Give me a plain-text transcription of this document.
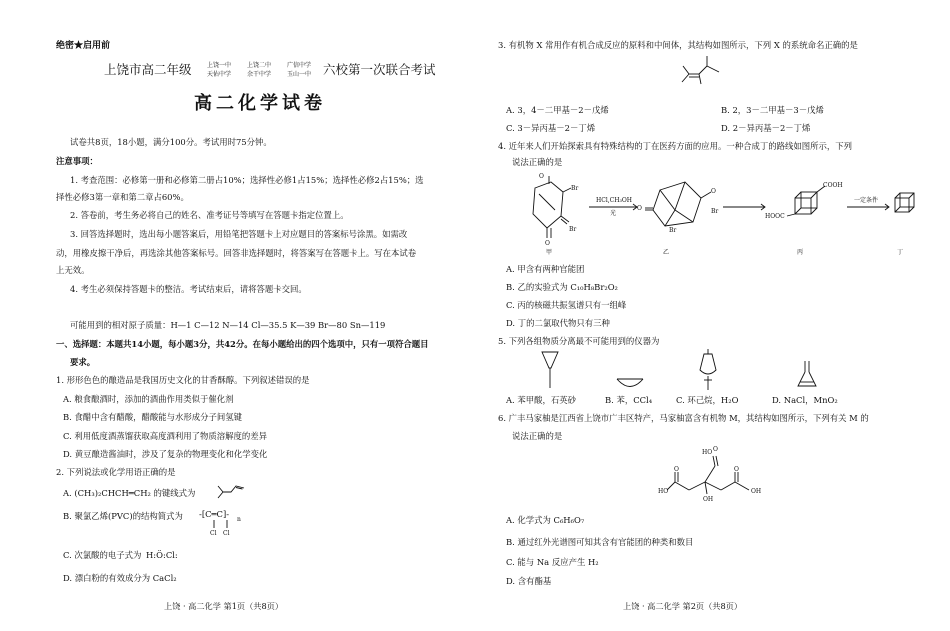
绝密★启用前
上饶市高二年级	上饶一中
天佑中学
上饶二中
余干中学
广信中学
玉山一中 六校第一次联合考试
高二化学试卷
试卷共8页，18小题，满分100分。考试用时75分钟。
注意事项：
1. 考查范围：必修第一册和必修第二册占10%；选择性必修1占15%；选择性必修2占15%；选
择性必修3第一章和第二章占60%。
2. 答卷前，考生务必将自己的姓名、准考证号等填写在答题卡指定位置上。
3. 回答选择题时，选出每小题答案后，用铅笔把答题卡上对应题目的答案标号涂黑。如需改
动，用橡皮擦干净后，再选涂其他答案标号。回答非选择题时，将答案写在答题卡上。写在本试卷
上无效。
4. 考生必须保持答题卡的整洁。考试结束后，请将答题卡交回。
可能用到的相对原子质量：H—1 C—12 N—14 Cl—35.5 K—39 Br—80 Sn—119
一、选择题：本题共14小题，每小题3分，共42分。在每小题给出的四个选项中，只有一项符合题目
要求。
1. 形形色色的酿造品是我国历史文化的甘香酥醇。下列叙述错误的是
A. 粮食酿酒时，添加的酒曲作用类似于催化剂
B. 食醋中含有醋酸，醋酸能与水形成分子间氢键
C. 利用低度酒蒸馏获取高度酒利用了物质溶解度的差异
D. 黄豆酿造酱油时，涉及了复杂的物理变化和化学变化
2. 下列说法或化学用语正确的是
A. (CH₃)₂CHCH═CH₂ 的键线式为
B. 聚氯乙烯(PVC)的结构简式为 -[C═C]-
n
Cl Cl
C. 次氯酸的电子式为 H:Ö:Cl:
D. 漂白粉的有效成分为 CaCl₂
上饶 · 高二化学 第1页（共8页）
3. 有机物 X 常用作有机合成反应的原料和中间体，其结构如图所示，下列 X 的系统命名正确的是
A. 3，4－二甲基－2－戊烯	B. 2，3－二甲基－3－戊烯
C. 3－异丙基－2－丁烯	D. 2－异丙基－2－丁烯
4. 近年来人们开始探索具有特殊结构的丁在医药方面的应用。一种合成丁的路线如图所示，下列
说法正确的是
O
Br
Br
O
HCl,CH₃OH
光
O
O
Br
Br
COOH
HOOC
一定条件
甲	乙	丙	丁
A. 甲含有两种官能团
B. 乙的实验式为 C₁₀H₈Br₂O₂
C. 丙的核磁共振氢谱只有一组峰
D. 丁的二氯取代物只有三种
5. 下列各组物质分离最不可能用到的仪器为
A. 苯甲酸，石英砂	B. 苯，CCl₄	C. 环己烷，H₂O	D. NaCl，MnO₂
6. 广丰马家柚是江西省上饶市广丰区特产，马家柚富含有机物 M，其结构如图所示，下列有关 M 的
说法正确的是
HO O
O
HO
OH
OH
O
A. 化学式为 C₆H₆O₇
B. 通过红外光谱图可知其含有官能团的种类和数目
C. 能与 Na 反应产生 H₂
D. 含有酯基
上饶 · 高二化学 第2页（共8页）
